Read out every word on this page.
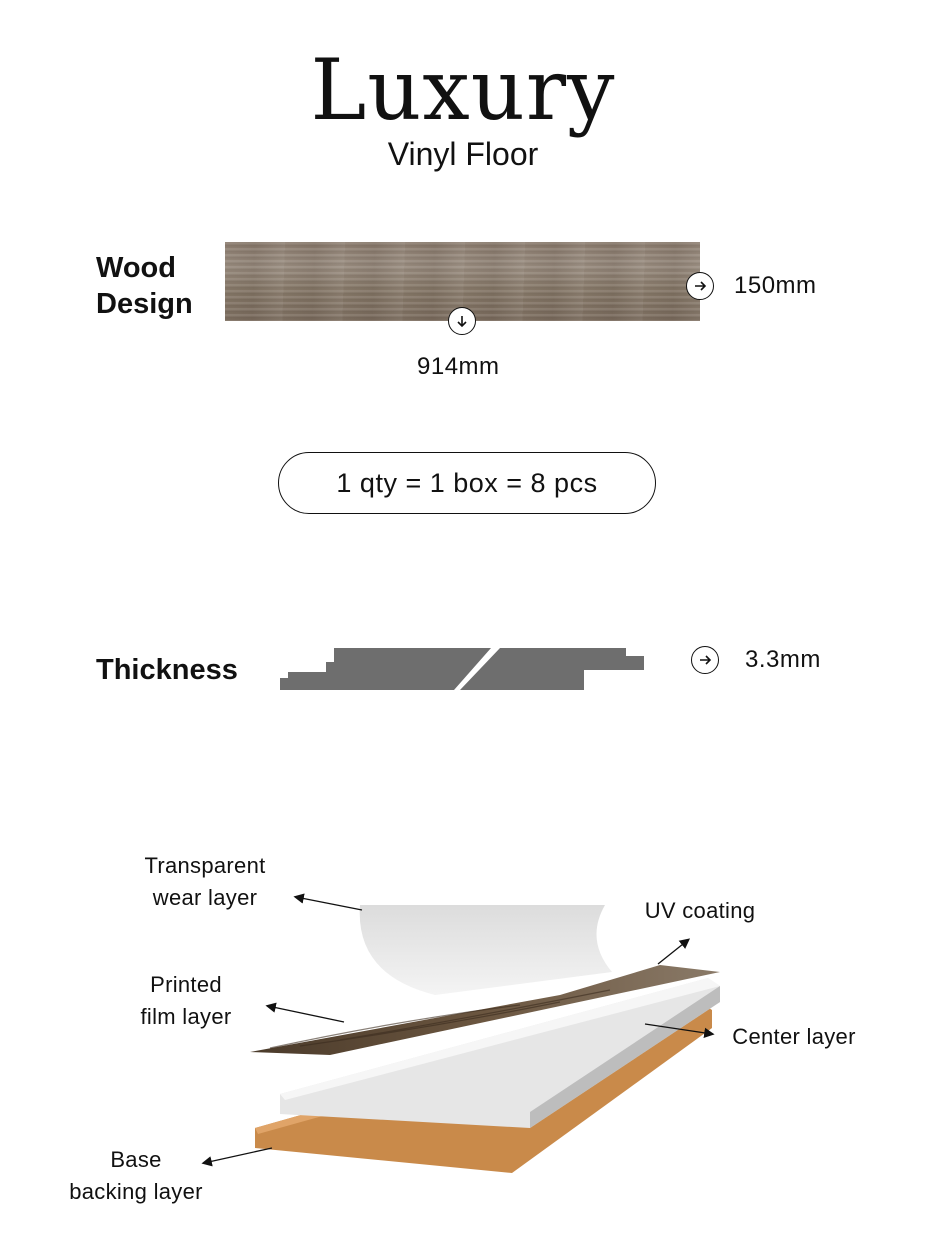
Luxury
Vinyl Floor
Wood
Design
150mm
914mm
1 qty = 1 box = 8 pcs
Thickness	3.3mm
Transparent
wear layer
UV coating
Printed
film layer
Center layer
Base
backing layer
